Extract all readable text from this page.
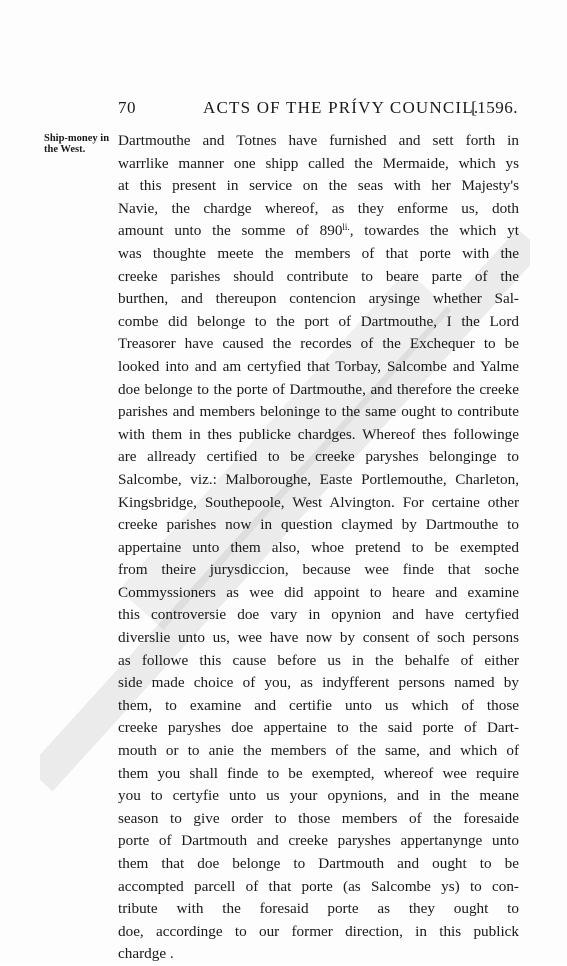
70	ACTS OF THE PRÍVY COUNCIL.
[1596.
Ship-money in
the West.
Dartmouthe and Totnes have furnished and sett forth in
warrlike manner one shipp called the Mermaide, which ys
at this present in service on the seas with her Majesty's
Navie, the chardge whereof, as they enforme us, doth
amount unto the somme of $890^{li.}$, towardes the which yt
was thoughte meete the members of that porte with the
creeke parishes should contribute to beare parte of the
burthen, and thereupon contencion arysinge whether Sal-
combe did belonge to the port of Dartmouthe, I the Lord
Treasorer have caused the recordes of the Exchequer to be
looked into and am certyfied that Torbay, Salcombe and Yalme
doe belonge to the porte of Dartmouthe, and therefore the creeke
parishes and members beloninge to the same ought to contribute
with them in thes publicke chardges. Whereof thes followinge
are allready certified to be creeke paryshes belonginge to
Salcombe, viz.: Malboroughe, Easte Portlemouthe, Charleton,
Kingsbridge, Southepoole, West Alvington. For certaine other
creeke parishes now in question claymed by Dartmouthe to
appertaine unto them also, whoe pretend to be exempted
from theire jurysdiccion, because wee finde that soche
Commyssioners as wee did appoint to heare and examine
this controversie doe vary in opynion and have certyfied
diverslie unto us, wee have now by consent of soch persons
as followe this cause before us in the behalfe of either
side made choice of you, as indyfferent persons named by
them, to examine and certifie unto us which of those
creeke paryshes doe appertaine to the said porte of Dart-
mouth or to anie the members of the same, and which of
them you shall finde to be exempted, whereof wee require
you to certyfie unto us your opynions, and in the meane
season to give order to those members of the foresaide
porte of Dartmouth and creeke paryshes appertanynge unto
them that doe belonge to Dartmouth and ought to be
accompted parcell of that porte (as Salcombe ys) to con-
tribute with the foresaid porte as they ought to
doe, accordinge to our former direction, in this publick
chardge .
